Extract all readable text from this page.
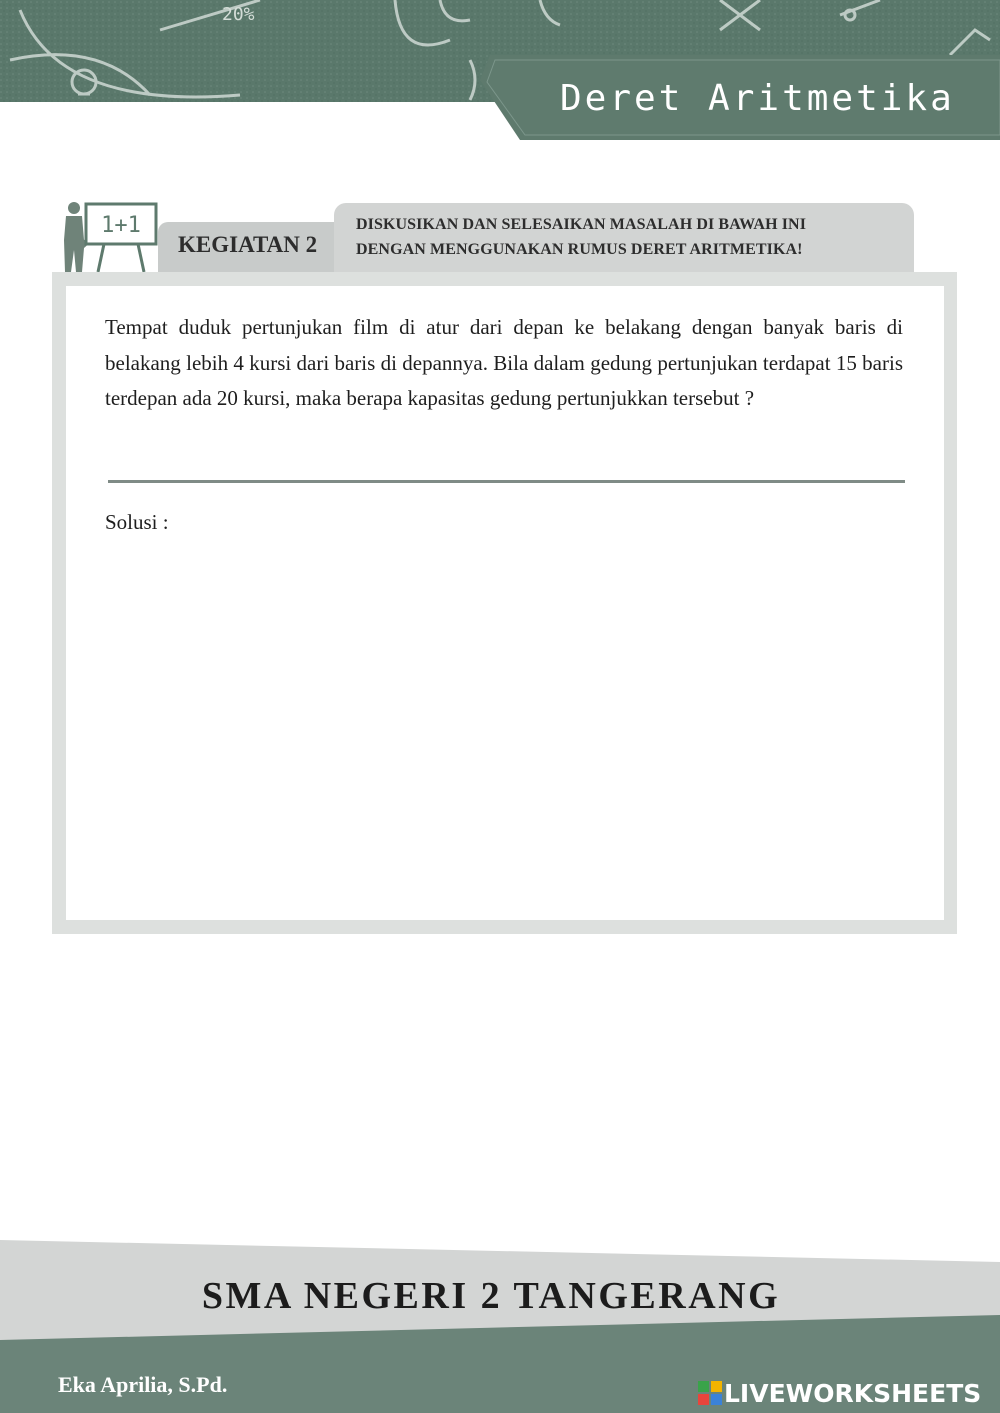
20%
Deret Aritmetika
1+1
KEGIATAN 2
DISKUSIKAN DAN SELESAIKAN MASALAH DI BAWAH INI
DENGAN MENGGUNAKAN RUMUS DERET ARITMETIKA!
Tempat duduk pertunjukan film di atur dari depan ke belakang dengan banyak baris di belakang lebih 4 kursi dari baris di depannya. Bila dalam gedung pertunjukan terdapat 15 baris terdepan ada 20 kursi, maka berapa kapasitas gedung pertunjukkan tersebut ?
Solusi :
SMA NEGERI 2 TANGERANG
Eka Aprilia, S.Pd.	LIVEWORKSHEETS
